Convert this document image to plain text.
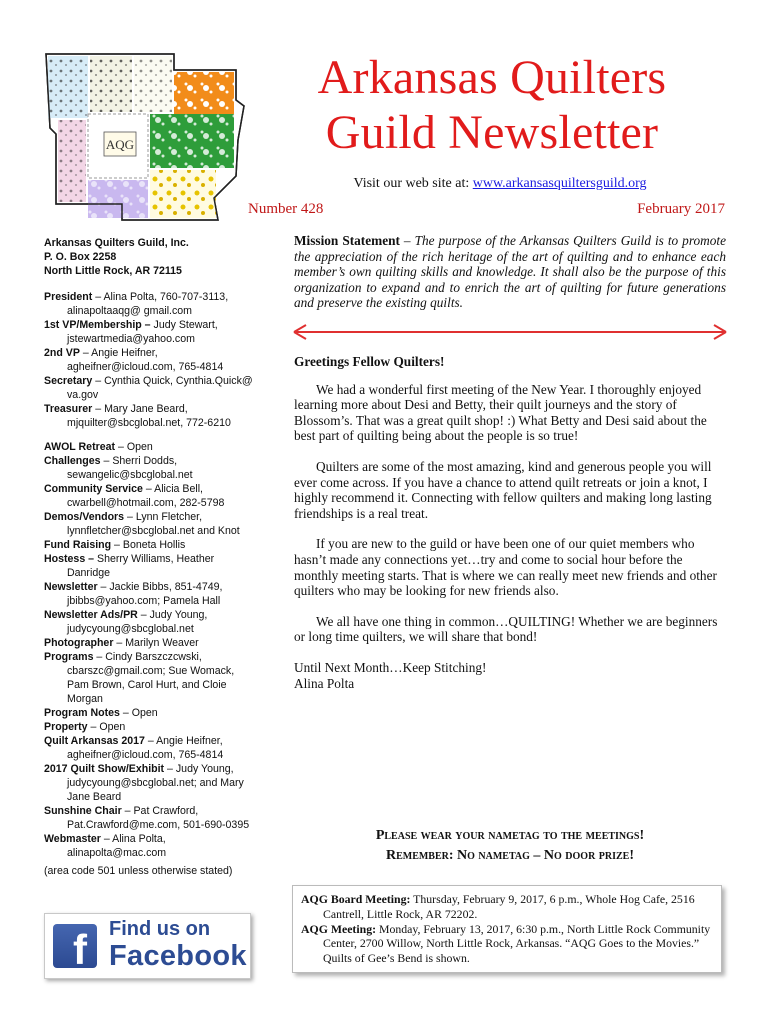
AQG
Arkansas Quilters
Guild Newsletter
Visit our web site at: www.arkansasquiltersguild.org
Number 428	February 2017
Arkansas Quilters Guild, Inc.
P. O. Box 2258
North Little Rock, AR 72115
President – Alina Polta, 760-707-3113,
alinapoltaaqg@ gmail.com
1st VP/Membership – Judy Stewart,
jstewartmedia@yahoo.com
2nd VP – Angie Heifner,
agheifner@icloud.com, 765-4814
Secretary – Cynthia Quick, Cynthia.Quick@
va.gov
Treasurer – Mary Jane Beard,
mjquilter@sbcglobal.net, 772-6210
AWOL Retreat – Open
Challenges – Sherri Dodds,
sewangelic@sbcglobal.net
Community Service – Alicia Bell,
cwarbell@hotmail.com, 282-5798
Demos/Vendors – Lynn Fletcher,
lynnfletcher@sbcglobal.net and Knot
Fund Raising – Boneta Hollis
Hostess – Sherry Williams, Heather
Danridge
Newsletter – Jackie Bibbs, 851-4749,
jbibbs@yahoo.com; Pamela Hall
Newsletter Ads/PR – Judy Young,
judycyoung@sbcglobal.net
Photographer – Marilyn Weaver
Programs – Cindy Barszczcwski,
cbarszc@gmail.com; Sue Womack,
Pam Brown, Carol Hurt, and Cloie
Morgan
Program Notes – Open
Property – Open
Quilt Arkansas 2017 – Angie Heifner,
agheifner@icloud.com, 765-4814
2017 Quilt Show/Exhibit – Judy Young,
judycyoung@sbcglobal.net; and Mary
Jane Beard
Sunshine Chair – Pat Crawford,
Pat.Crawford@me.com, 501-690-0395
Webmaster – Alina Polta,
alinapolta@mac.com
(area code 501 unless otherwise stated)
f Find us on
Facebook
Mission Statement – The purpose of the Arkansas Quilters Guild is to promote the appreciation of the rich heritage of the art of quilting and to enhance each member’s own quilting skills and knowledge. It shall also be the purpose of this organization to expand and to enrich the art of quilting for future generations and preserve the existing quilts.
Greetings Fellow Quilters!

We had a wonderful first meeting of the New Year. I thoroughly enjoyed learning more about Desi and Betty, their quilt journeys and the story of Blossom’s. That was a great quilt shop! :) What Betty and Desi said about the best part of quilting being about the people is so true!

Quilters are some of the most amazing, kind and generous people you will ever come across. If you have a chance to attend quilt retreats or join a knot, I highly recommend it. Connecting with fellow quilters and making long lasting friendships is a real treat.

If you are new to the guild or have been one of our quiet members who hasn’t made any connections yet…try and come to social hour before the monthly meeting starts. That is where we can really meet new friends and other quilters who may be looking for new friends also.

We all have one thing in common…QUILTING! Whether we are beginners or long time quilters, we will share that bond!

Until Next Month…Keep Stitching!
Alina Polta
Please wear your nametag to the meetings!
Remember: No nametag – No door prize!
AQG Board Meeting: Thursday, February 9, 2017, 6 p.m., Whole Hog Cafe, 2516 Cantrell, Little Rock, AR 72202.
AQG Meeting: Monday, February 13, 2017, 6:30 p.m., North Little Rock Community Center, 2700 Willow, North Little Rock, Arkansas. “AQG Goes to the Movies.” Quilts of Gee’s Bend is shown.
